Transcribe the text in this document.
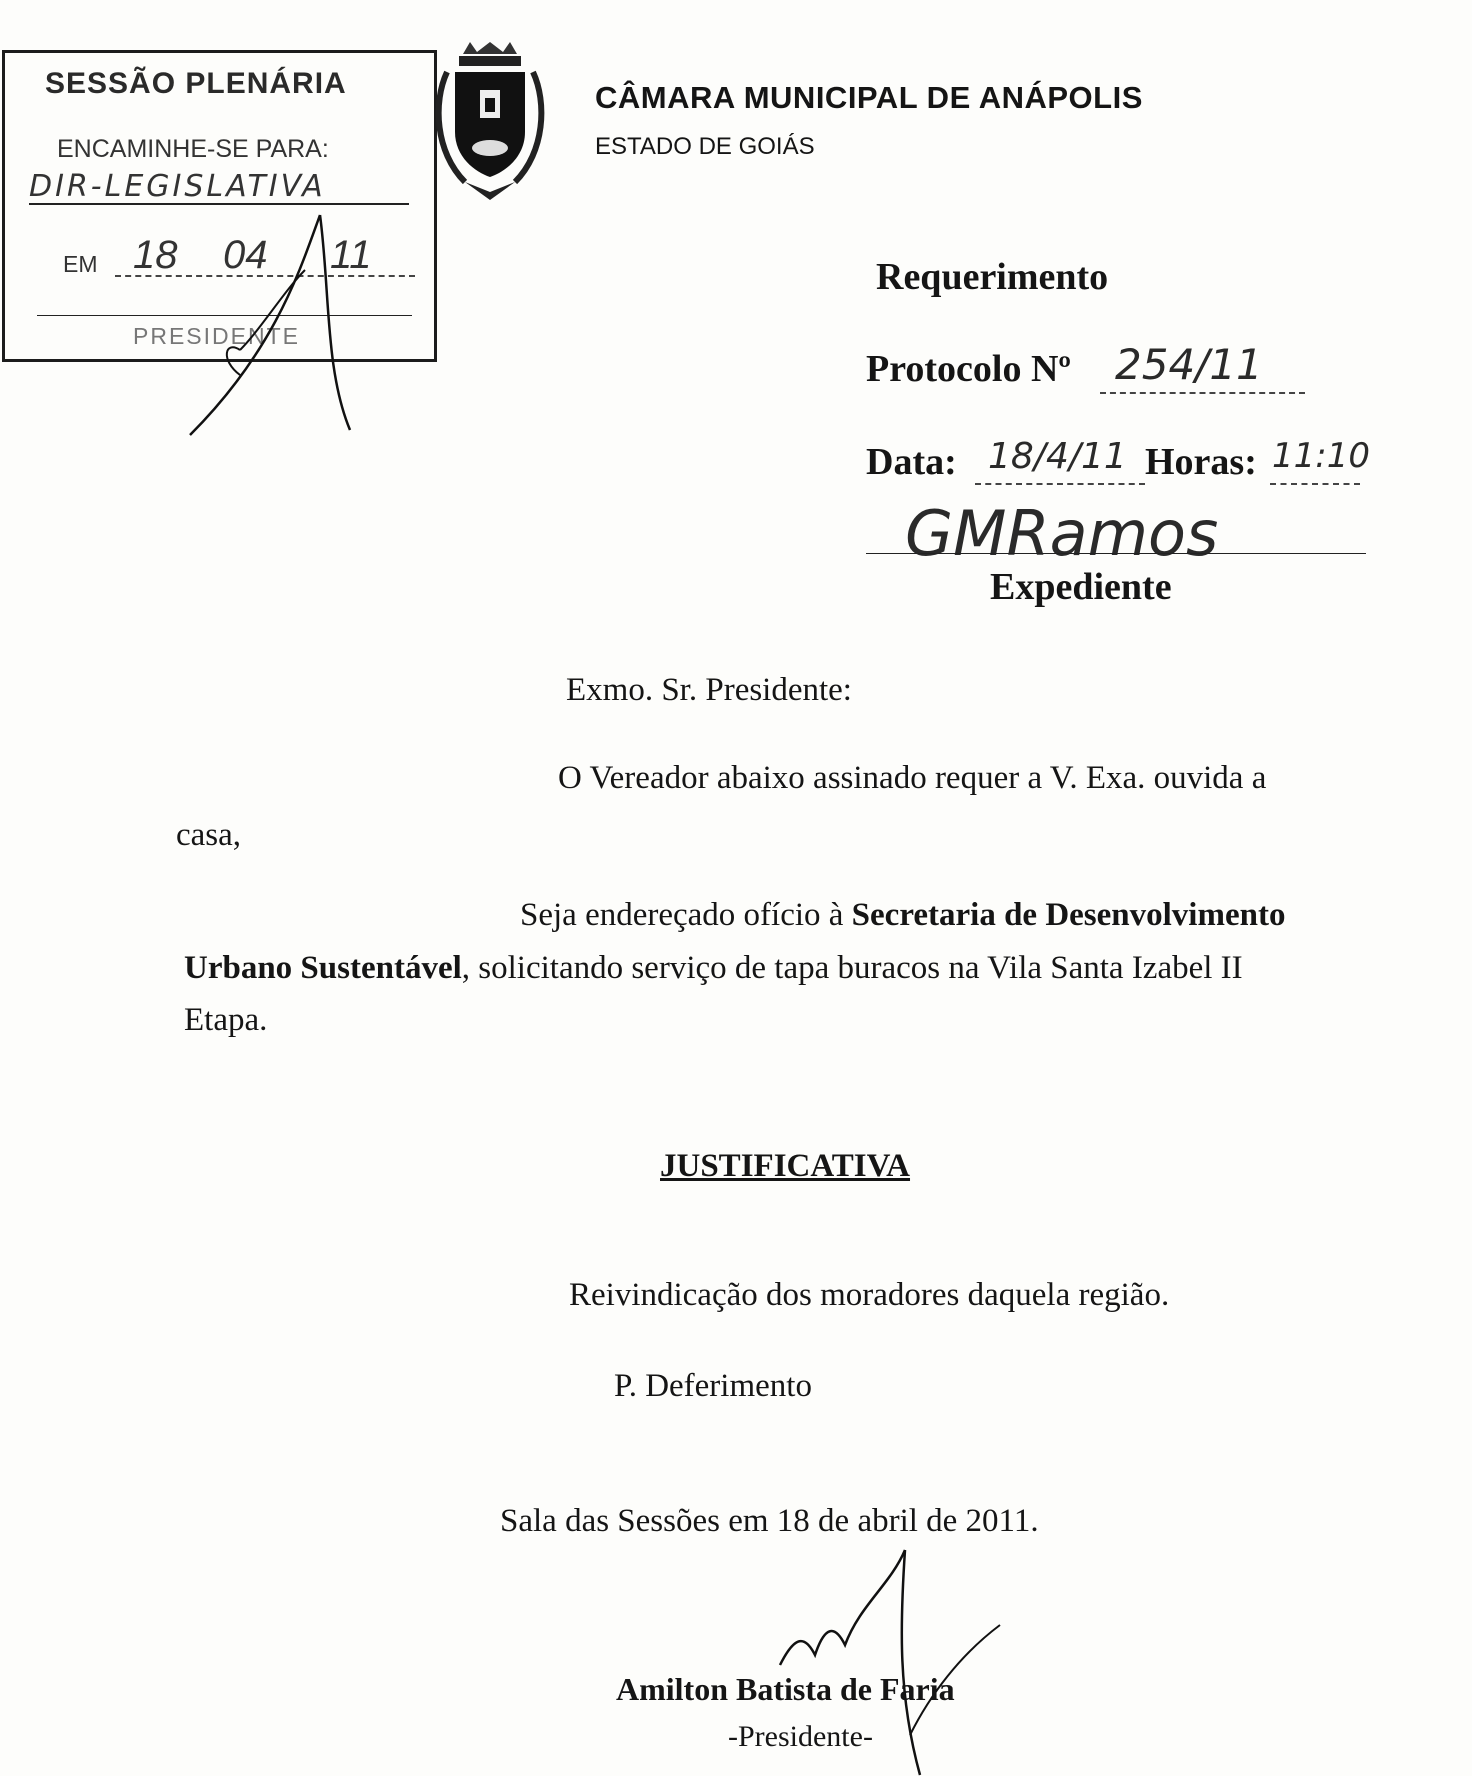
SESSÃO PLENÁRIA
ENCAMINHE-SE PARA:
DIR-LEGISLATIVA
EM 18 04 11
PRESIDENTE
CÂMARA MUNICIPAL DE ANÁPOLIS
ESTADO DE GOIÁS
Requerimento
Protocolo Nº 254/11
Data: 18/4/11 Horas: 11:10
GMRamos
Expediente
Exmo. Sr. Presidente:
O Vereador abaixo assinado requer a V. Exa. ouvida a
casa,
Seja endereçado ofício à Secretaria de Desenvolvimento
Urbano Sustentável, solicitando serviço de tapa buracos na Vila Santa Izabel II
Etapa.
JUSTIFICATIVA
Reivindicação dos moradores daquela região.
P. Deferimento
Sala das Sessões em 18 de abril de 2011.
Amilton Batista de Faria
-Presidente-
